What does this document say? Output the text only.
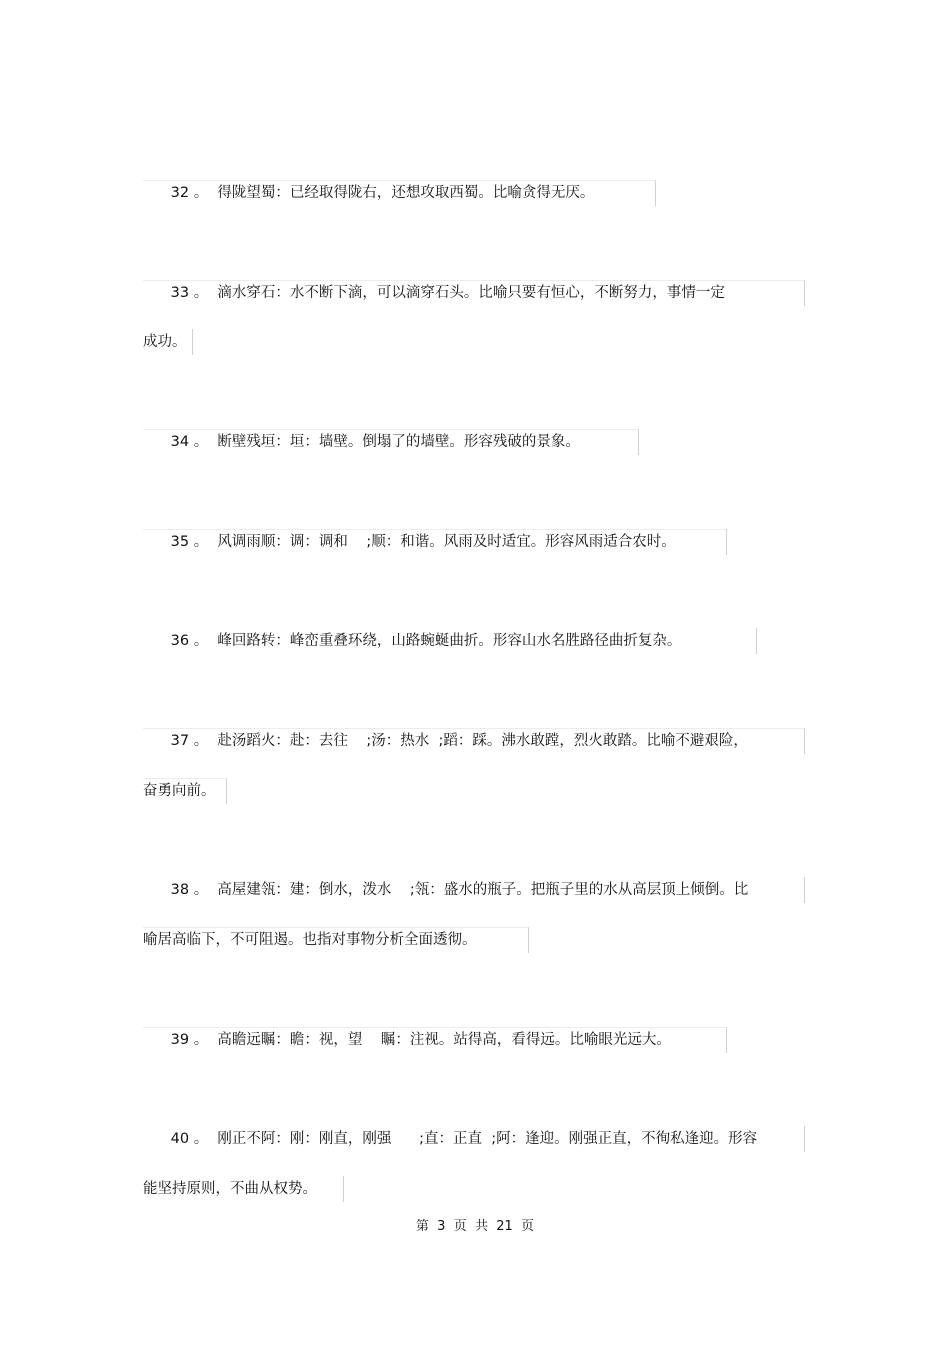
32 。  得陇望蜀：已经取得陇右，还想攻取西蜀。比喻贪得无厌。
33 。  滴水穿石：水不断下滴，可以滴穿石头。比喻只要有恒心，不断努力，事情一定
成功。
34 。  断壁残垣：垣：墙壁。倒塌了的墙壁。形容残破的景象。
35 。  风调雨顺：调：调和    ;顺：和谐。风雨及时适宜。形容风雨适合农时。
36 。  峰回路转：峰峦重叠环绕，山路蜿蜒曲折。形容山水名胜路径曲折复杂。
37 。  赴汤蹈火：赴：去往    ;汤：热水  ;蹈：踩。沸水敢蹚，烈火敢踏。比喻不避艰险，
奋勇向前。
38 。  高屋建瓴：建：倒水，泼水    ;瓴：盛水的瓶子。把瓶子里的水从高层顶上倾倒。比
喻居高临下，不可阻遏。也指对事物分析全面透彻。
39 。  高瞻远瞩：瞻：视，望    瞩：注视。站得高，看得远。比喻眼光远大。
40 。  刚正不阿：刚：刚直，刚强      ;直：正直  ;阿：逢迎。刚强正直，不徇私逢迎。形容
能坚持原则，不曲从权势。
第  3  页  共  21  页
